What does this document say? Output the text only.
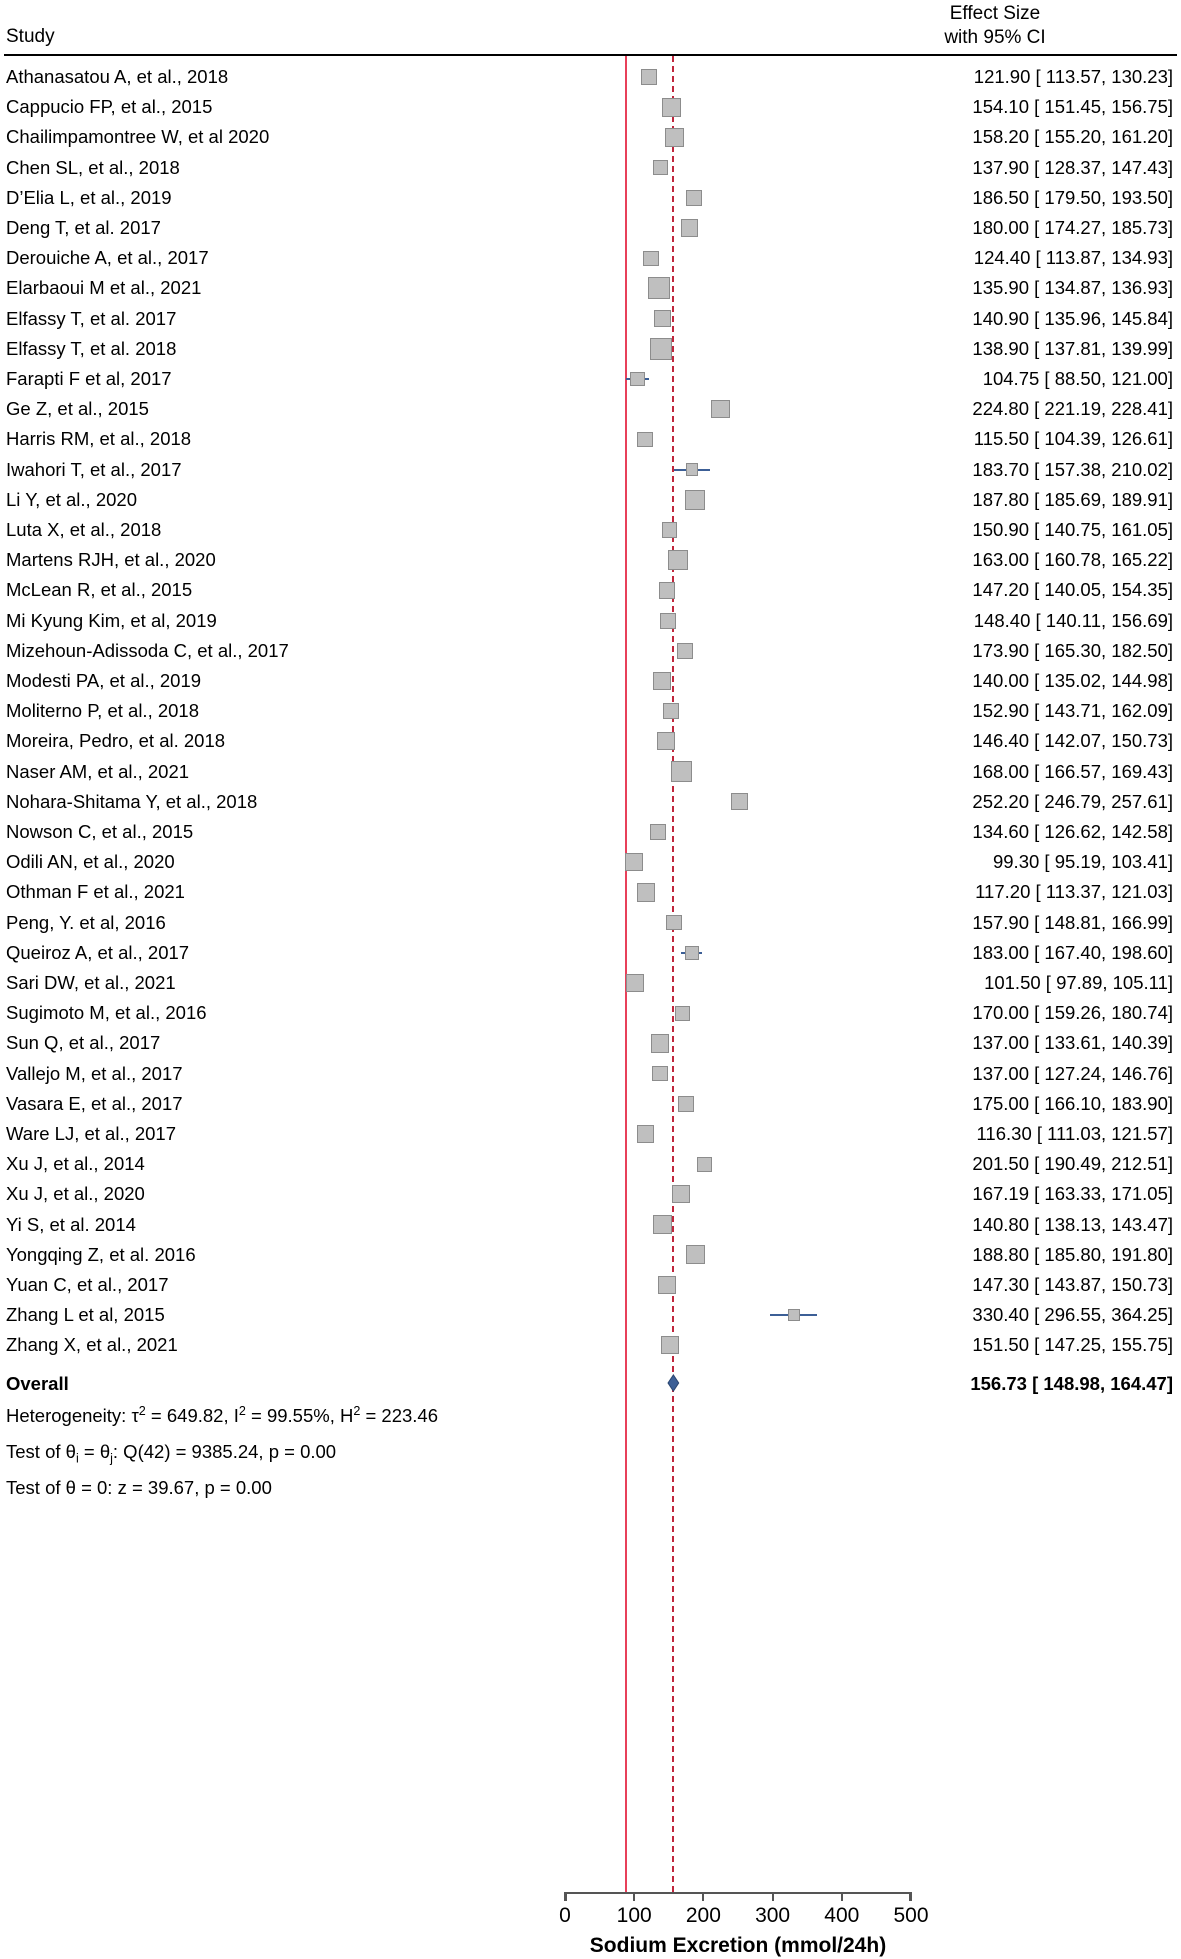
Study
Effect Size
with 95% CI
Athanasatou A, et al., 2018	121.90 [ 113.57, 130.23]
Cappucio FP, et al., 2015	154.10 [ 151.45, 156.75]
Chailimpamontree W, et al 2020	158.20 [ 155.20, 161.20]
Chen SL, et al., 2018	137.90 [ 128.37, 147.43]
D’Elia L, et al., 2019	186.50 [ 179.50, 193.50]
Deng T, et al. 2017	180.00 [ 174.27, 185.73]
Derouiche A, et al., 2017	124.40 [ 113.87, 134.93]
Elarbaoui M et al., 2021	135.90 [ 134.87, 136.93]
Elfassy T, et al. 2017	140.90 [ 135.96, 145.84]
Elfassy T, et al. 2018	138.90 [ 137.81, 139.99]
Farapti F et al, 2017	104.75 [ 88.50, 121.00]
Ge Z, et al., 2015	224.80 [ 221.19, 228.41]
Harris RM, et al., 2018	115.50 [ 104.39, 126.61]
Iwahori T, et al., 2017	183.70 [ 157.38, 210.02]
Li Y, et al., 2020	187.80 [ 185.69, 189.91]
Luta X, et al., 2018	150.90 [ 140.75, 161.05]
Martens RJH, et al., 2020	163.00 [ 160.78, 165.22]
McLean R, et al., 2015	147.20 [ 140.05, 154.35]
Mi Kyung Kim, et al, 2019	148.40 [ 140.11, 156.69]
Mizehoun-Adissoda C, et al., 2017	173.90 [ 165.30, 182.50]
Modesti PA, et al., 2019	140.00 [ 135.02, 144.98]
Moliterno P, et al., 2018	152.90 [ 143.71, 162.09]
Moreira, Pedro, et al. 2018	146.40 [ 142.07, 150.73]
Naser AM, et al., 2021	168.00 [ 166.57, 169.43]
Nohara-Shitama Y, et al., 2018	252.20 [ 246.79, 257.61]
Nowson C, et al., 2015	134.60 [ 126.62, 142.58]
Odili AN, et al., 2020	99.30 [ 95.19, 103.41]
Othman F et al., 2021	117.20 [ 113.37, 121.03]
Peng, Y. et al, 2016	157.90 [ 148.81, 166.99]
Queiroz A, et al., 2017	183.00 [ 167.40, 198.60]
Sari DW, et al., 2021	101.50 [ 97.89, 105.11]
Sugimoto M, et al., 2016	170.00 [ 159.26, 180.74]
Sun Q, et al., 2017	137.00 [ 133.61, 140.39]
Vallejo M, et al., 2017	137.00 [ 127.24, 146.76]
Vasara E, et al., 2017	175.00 [ 166.10, 183.90]
Ware LJ, et al., 2017	116.30 [ 111.03, 121.57]
Xu J, et al., 2014	201.50 [ 190.49, 212.51]
Xu J, et al., 2020	167.19 [ 163.33, 171.05]
Yi S, et al. 2014	140.80 [ 138.13, 143.47]
Yongqing Z, et al. 2016	188.80 [ 185.80, 191.80]
Yuan C, et al., 2017	147.30 [ 143.87, 150.73]
Zhang L et al, 2015	330.40 [ 296.55, 364.25]
Zhang X, et al., 2021	151.50 [ 147.25, 155.75]
Overall	156.73 [ 148.98, 164.47]
Heterogeneity: $\tau^2 = 649.82$, $I^2 = 99.55\%$, $H^2 = 223.46$
Test of $\theta_i = \theta_j$: Q(42) = 9385.24, p = 0.00
Test of θ = 0: z = 39.67, p = 0.00
0 100 200 300 400 500
Sodium Excretion (mmol/24h)
